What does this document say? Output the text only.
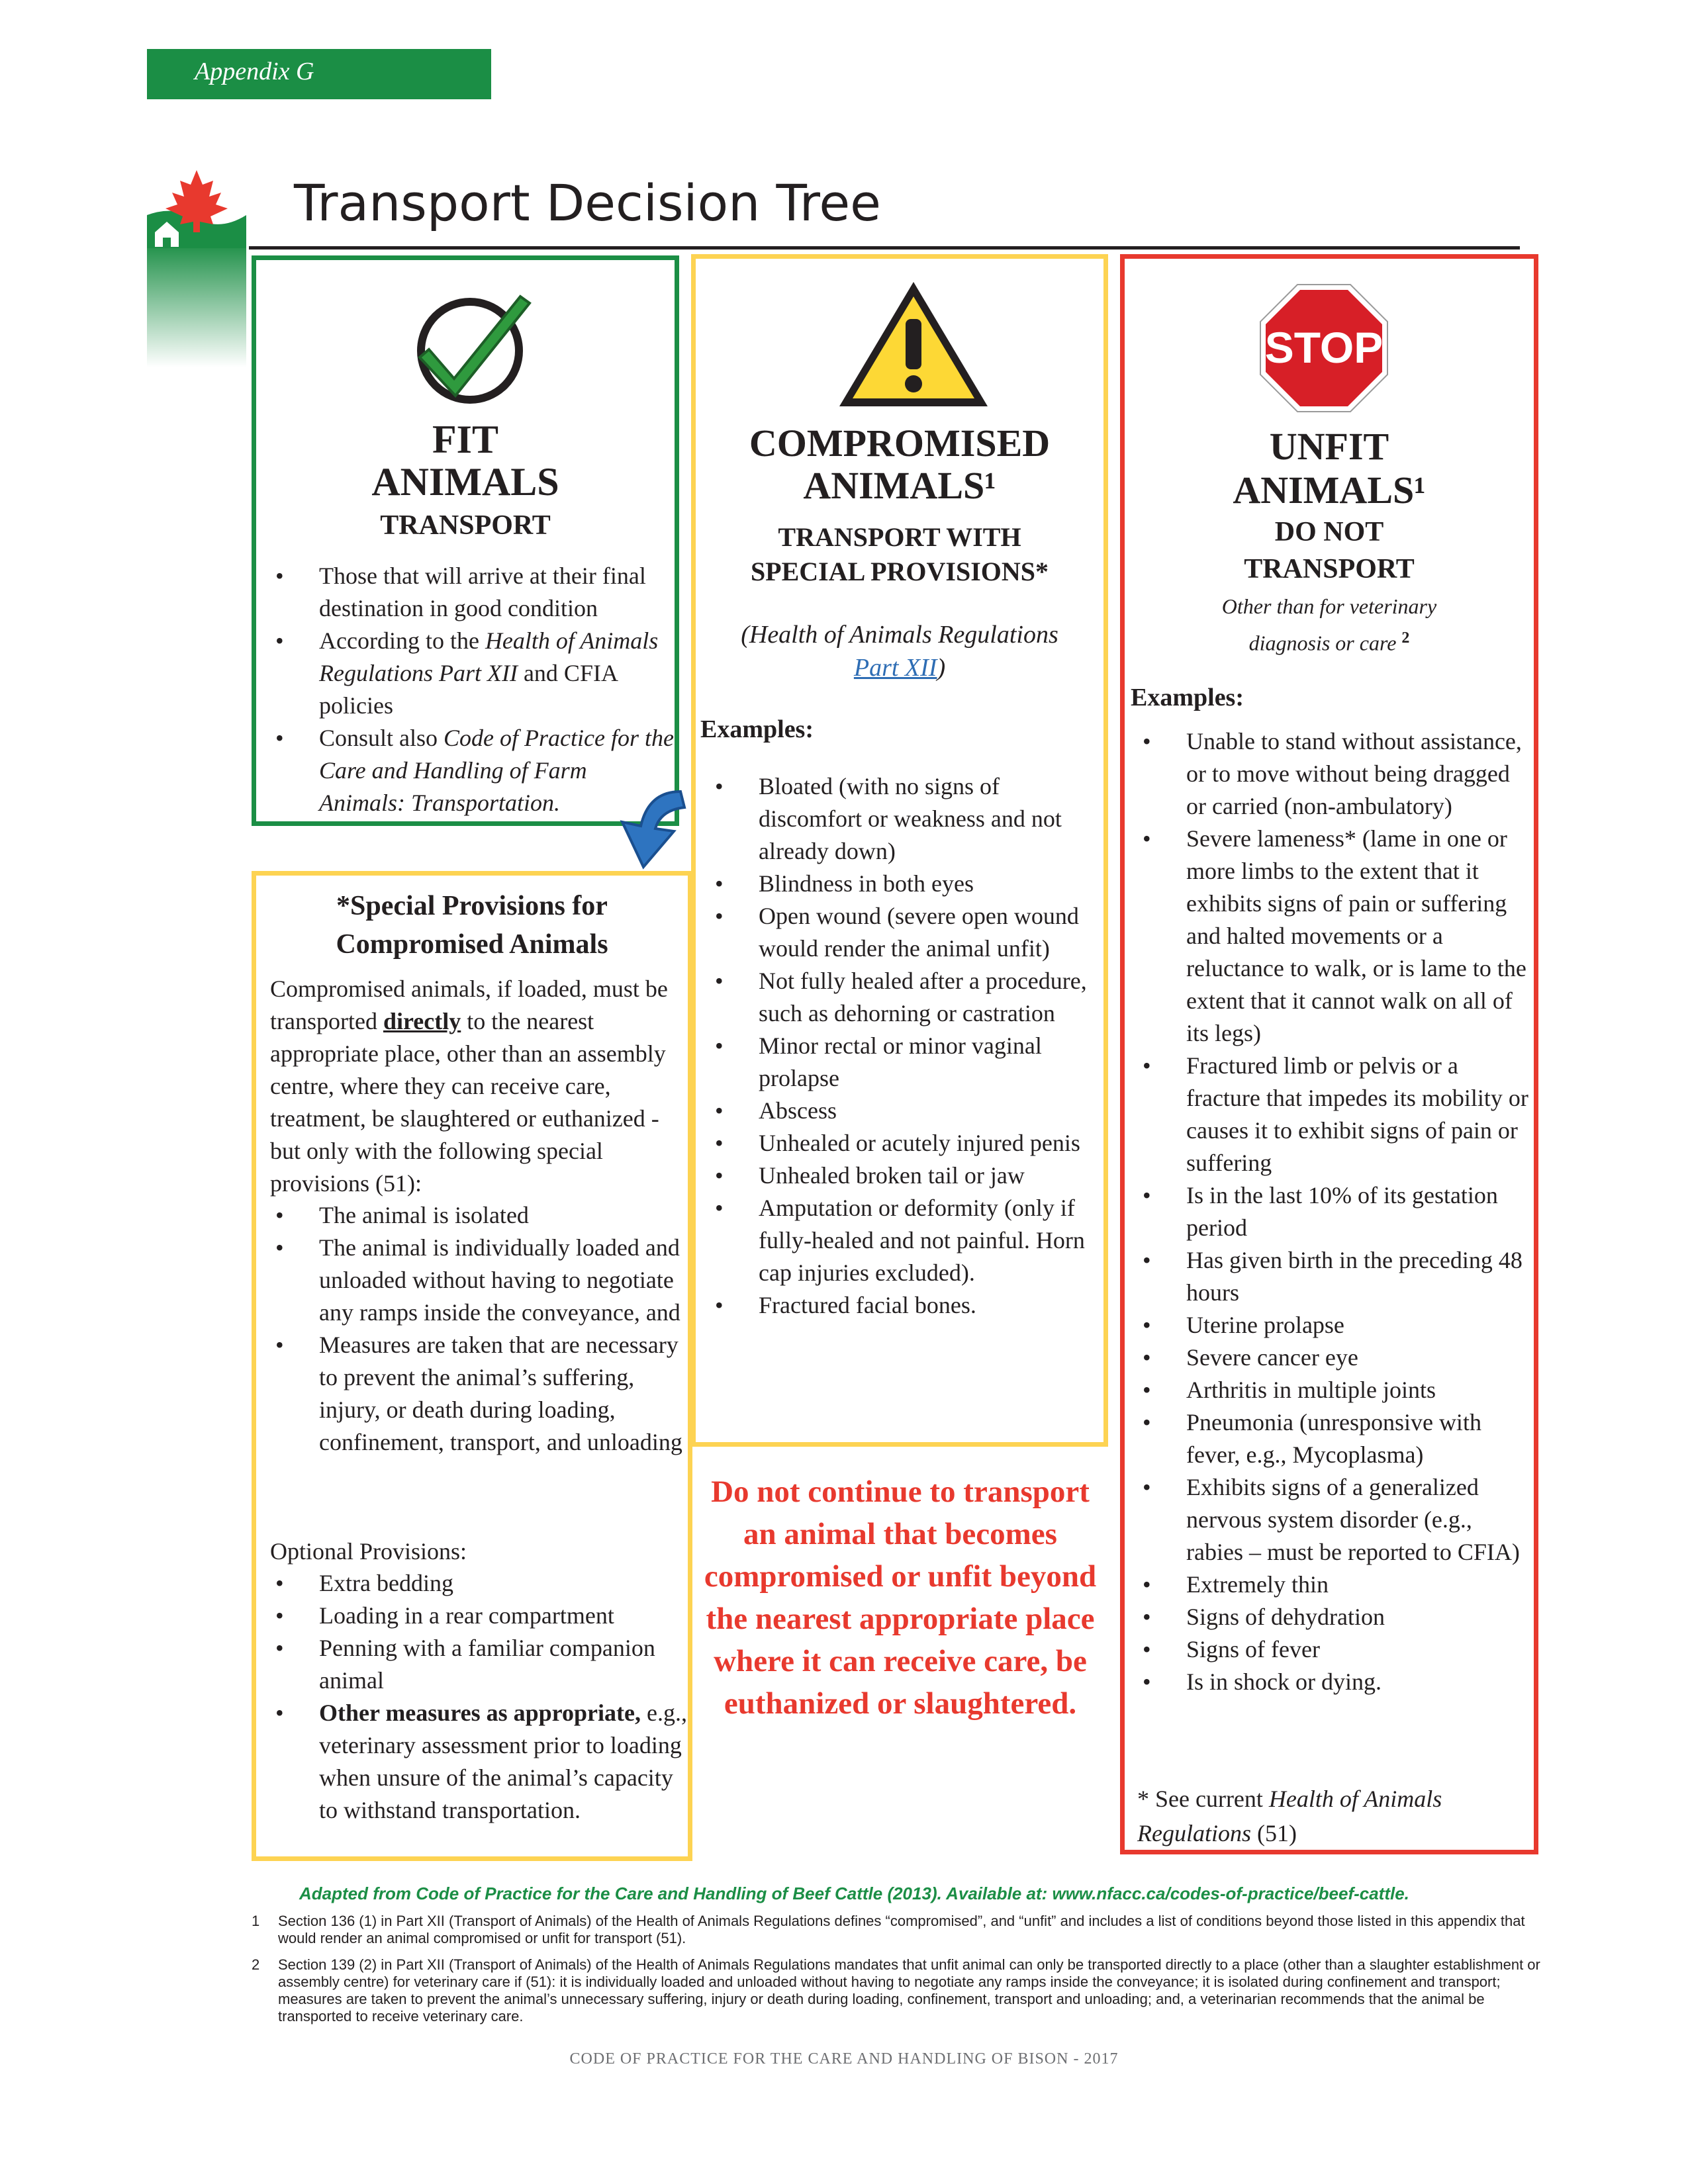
Appendix G
Transport Decision Tree
FIT
ANIMALS
TRANSPORT
• Those that will arrive at their final destination in good condition
• According to the Health of Animals Regulations Part XII and CFIA policies
• Consult also Code of Practice for the Care and Handling of Farm Animals: Transportation.
COMPROMISED
ANIMALS¹
TRANSPORT WITH
SPECIAL PROVISIONS*
(Health of Animals Regulations
Part XII)
Examples:
• Bloated (with no signs of discomfort or weakness and not already down)
• Blindness in both eyes
• Open wound (severe open wound would render the animal unfit)
• Not fully healed after a procedure, such as dehorning or castration
• Minor rectal or minor vaginal prolapse
• Abscess
• Unhealed or acutely injured penis
• Unhealed broken tail or jaw
• Amputation or deformity (only if fully-healed and not painful. Horn cap injuries excluded).
• Fractured facial bones.
Do not continue to transport an animal that becomes compromised or unfit beyond the nearest appropriate place where it can receive care, be euthanized or slaughtered.
STOP
UNFIT
ANIMALS¹
DO NOT
TRANSPORT
Other than for veterinary
diagnosis or care $^2$
Examples:
• Unable to stand without assistance, or to move without being dragged or carried (non-ambulatory)
• Severe lameness* (lame in one or more limbs to the extent that it exhibits signs of pain or suffering and halted movements or a reluctance to walk, or is lame to the extent that it cannot walk on all of its legs)
• Fractured limb or pelvis or a fracture that impedes its mobility or causes it to exhibit signs of pain or suffering
• Is in the last 10% of its gestation period
• Has given birth in the preceding 48 hours
• Uterine prolapse
• Severe cancer eye
• Arthritis in multiple joints
• Pneumonia (unresponsive with fever, e.g., Mycoplasma)
• Exhibits signs of a generalized nervous system disorder (e.g., rabies – must be reported to CFIA)
• Extremely thin
• Signs of dehydration
• Signs of fever
• Is in shock or dying.
* See current Health of Animals Regulations (51)
*Special Provisions for
Compromised Animals
Compromised animals, if loaded, must be transported directly to the nearest appropriate place, other than an assembly centre, where they can receive care, treatment, be slaughtered or euthanized - but only with the following special provisions (51):
• The animal is isolated
• The animal is individually loaded and unloaded without having to negotiate any ramps inside the conveyance, and
• Measures are taken that are necessary to prevent the animal’s suffering, injury, or death during loading, confinement, transport, and unloading
Optional Provisions:
• Extra bedding
• Loading in a rear compartment
• Penning with a familiar companion animal
• Other measures as appropriate, e.g., veterinary assessment prior to loading when unsure of the animal’s capacity to withstand transportation.
Adapted from Code of Practice for the Care and Handling of Beef Cattle (2013). Available at: www.nfacc.ca/codes-of-practice/beef-cattle.
1 Section 136 (1) in Part XII (Transport of Animals) of the Health of Animals Regulations defines “compromised”, and “unfit” and includes a list of conditions beyond those listed in this appendix that would render an animal compromised or unfit for transport (51).
2 Section 139 (2) in Part XII (Transport of Animals) of the Health of Animals Regulations mandates that unfit animal can only be transported directly to a place (other than a slaughter establishment or assembly centre) for veterinary care if (51): it is individually loaded and unloaded without having to negotiate any ramps inside the conveyance; it is isolated during confinement and transport; measures are taken to prevent the animal’s unnecessary suffering, injury or death during loading, confinement, transport and unloading; and, a veterinarian recommends that the animal be transported to receive veterinary care.
CODE OF PRACTICE FOR THE CARE AND HANDLING OF BISON - 2017
